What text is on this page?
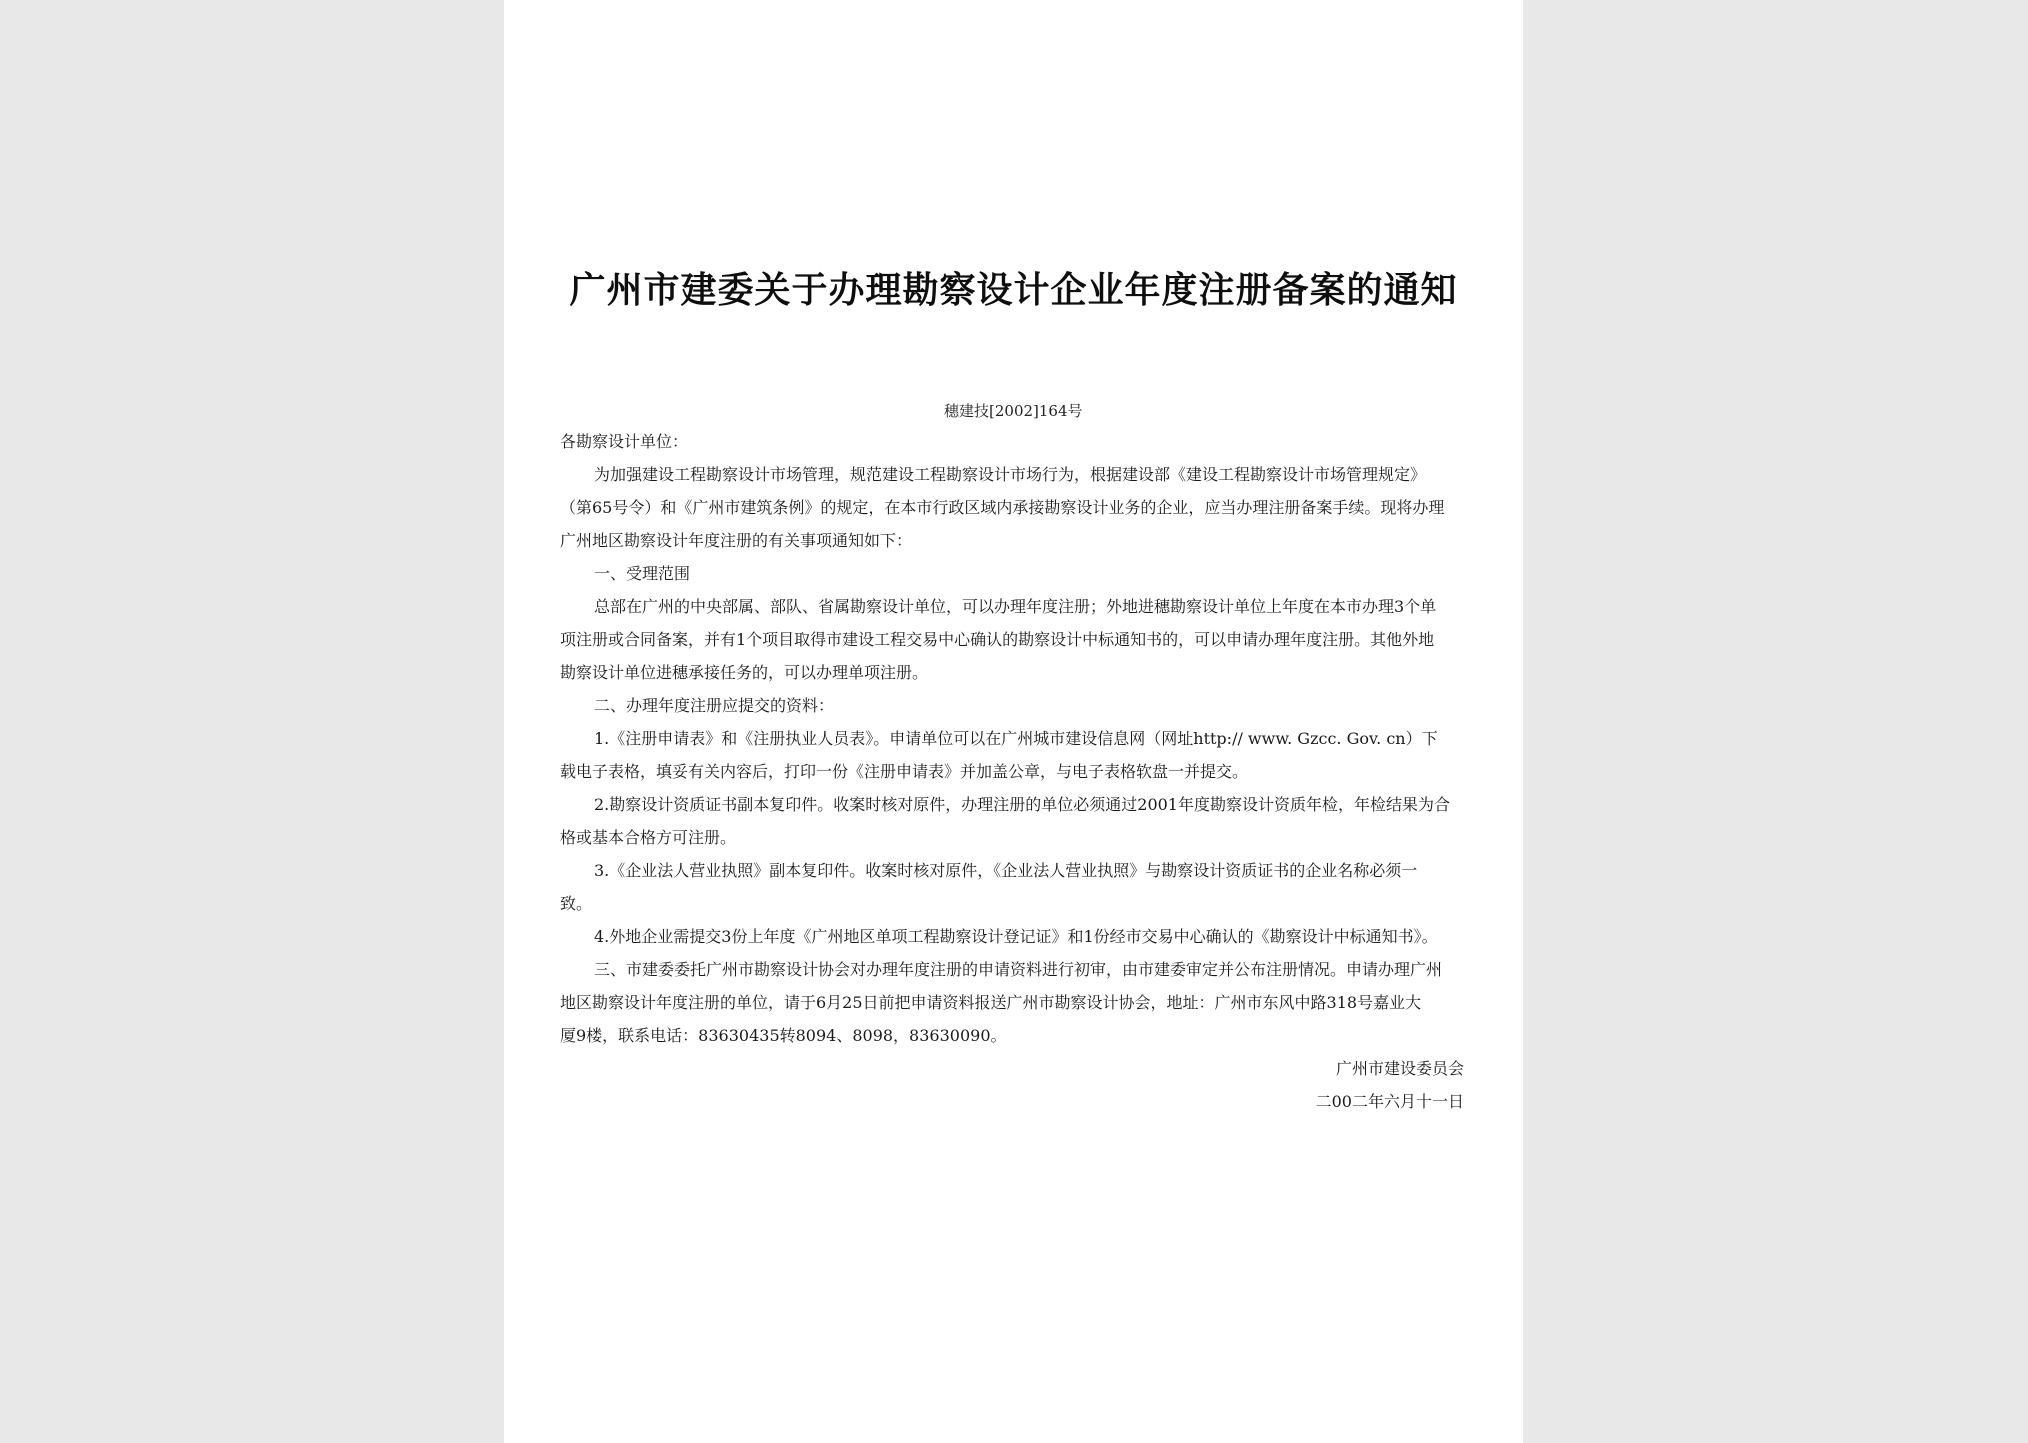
广州市建委关于办理勘察设计企业年度注册备案的通知
穗建技[2002]164号
各勘察设计单位：
为加强建设工程勘察设计市场管理，规范建设工程勘察设计市场行为，根据建设部《建设工程勘察设计市场管理规定》
（第65号令）和《广州市建筑条例》的规定，在本市行政区域内承接勘察设计业务的企业，应当办理注册备案手续。现将办理
广州地区勘察设计年度注册的有关事项通知如下：
一、受理范围
总部在广州的中央部属、部队、省属勘察设计单位，可以办理年度注册；外地进穗勘察设计单位上年度在本市办理3个单
项注册或合同备案，并有1个项目取得市建设工程交易中心确认的勘察设计中标通知书的，可以申请办理年度注册。其他外地
勘察设计单位进穗承接任务的，可以办理单项注册。
二、办理年度注册应提交的资料：
1.《注册申请表》和《注册执业人员表》。申请单位可以在广州城市建设信息网（网址http:// www. Gzcc. Gov. cn）下
载电子表格，填妥有关内容后，打印一份《注册申请表》并加盖公章，与电子表格软盘一并提交。
2.勘察设计资质证书副本复印件。收案时核对原件，办理注册的单位必须通过2001年度勘察设计资质年检，年检结果为合
格或基本合格方可注册。
3.《企业法人营业执照》副本复印件。收案时核对原件，《企业法人营业执照》与勘察设计资质证书的企业名称必须一
致。
4.外地企业需提交3份上年度《广州地区单项工程勘察设计登记证》和1份经市交易中心确认的《勘察设计中标通知书》。
三、市建委委托广州市勘察设计协会对办理年度注册的申请资料进行初审，由市建委审定并公布注册情况。申请办理广州
地区勘察设计年度注册的单位，请于6月25日前把申请资料报送广州市勘察设计协会，地址：广州市东风中路318号嘉业大
厦9楼，联系电话：83630435转8094、8098，83630090。
广州市建设委员会
二00二年六月十一日
